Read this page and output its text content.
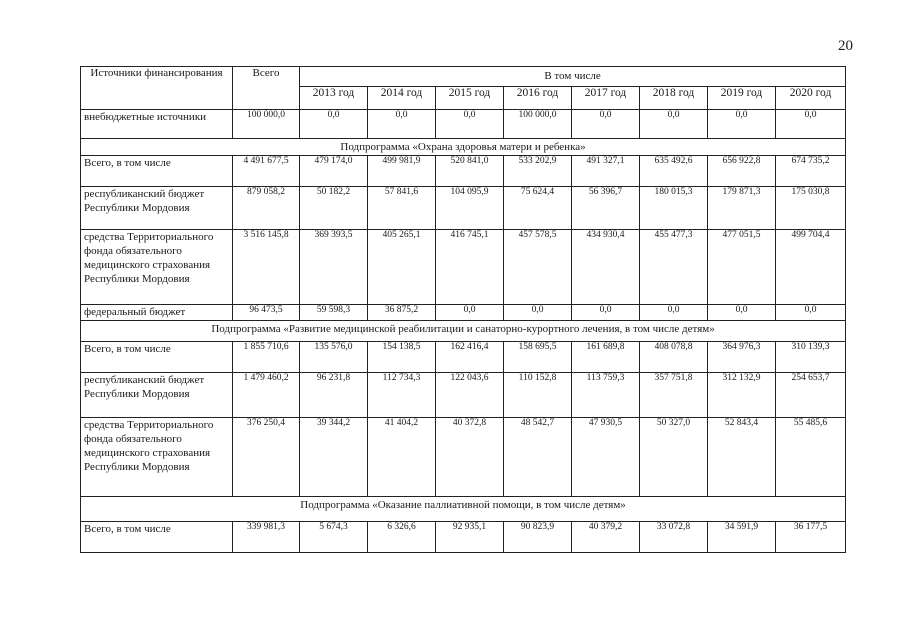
20
Источники финансирования	Всего	В том числе							
		2013 год	2014 год	2015 год	2016 год	2017 год	2018 год	2019 год	2020 год
внебюджетные источники	100 000,0	0,0	0,0	0,0	100 000,0	0,0	0,0	0,0	0,0
Подпрограмма «Охрана здоровья матери и ребенка»									
Всего, в том числе	4 491 677,5	479 174,0	499 981,9	520 841,0	533 202,9	491 327,1	635 492,6	656 922,8	674 735,2
республиканский бюджет Республики Мордовия	879 058,2	50 182,2	57 841,6	104 095,9	75 624,4	56 396,7	180 015,3	179 871,3	175 030,8
средства Территориального фонда обязательного медицинского страхования Республики Мордовия	3 516 145,8	369 393,5	405 265,1	416 745,1	457 578,5	434 930,4	455 477,3	477 051,5	499 704,4
федеральный бюджет	96 473,5	59 598,3	36 875,2	0,0	0,0	0,0	0,0	0,0	0,0
Подпрограмма «Развитие медицинской реабилитации и санаторно-курортного лечения, в том числе детям»									
Всего, в том числе	1 855 710,6	135 576,0	154 138,5	162 416,4	158 695,5	161 689,8	408 078,8	364 976,3	310 139,3
республиканский бюджет Республики Мордовия	1 479 460,2	96 231,8	112 734,3	122 043,6	110 152,8	113 759,3	357 751,8	312 132,9	254 653,7
средства Территориального фонда обязательного медицинского страхования Республики Мордовия	376 250,4	39 344,2	41 404,2	40 372,8	48 542,7	47 930,5	50 327,0	52 843,4	55 485,6
Подпрограмма «Оказание паллиативной помощи, в том числе детям»									
Всего, в том числе	339 981,3	5 674,3	6 326,6	92 935,1	90 823,9	40 379,2	33 072,8	34 591,9	36 177,5
